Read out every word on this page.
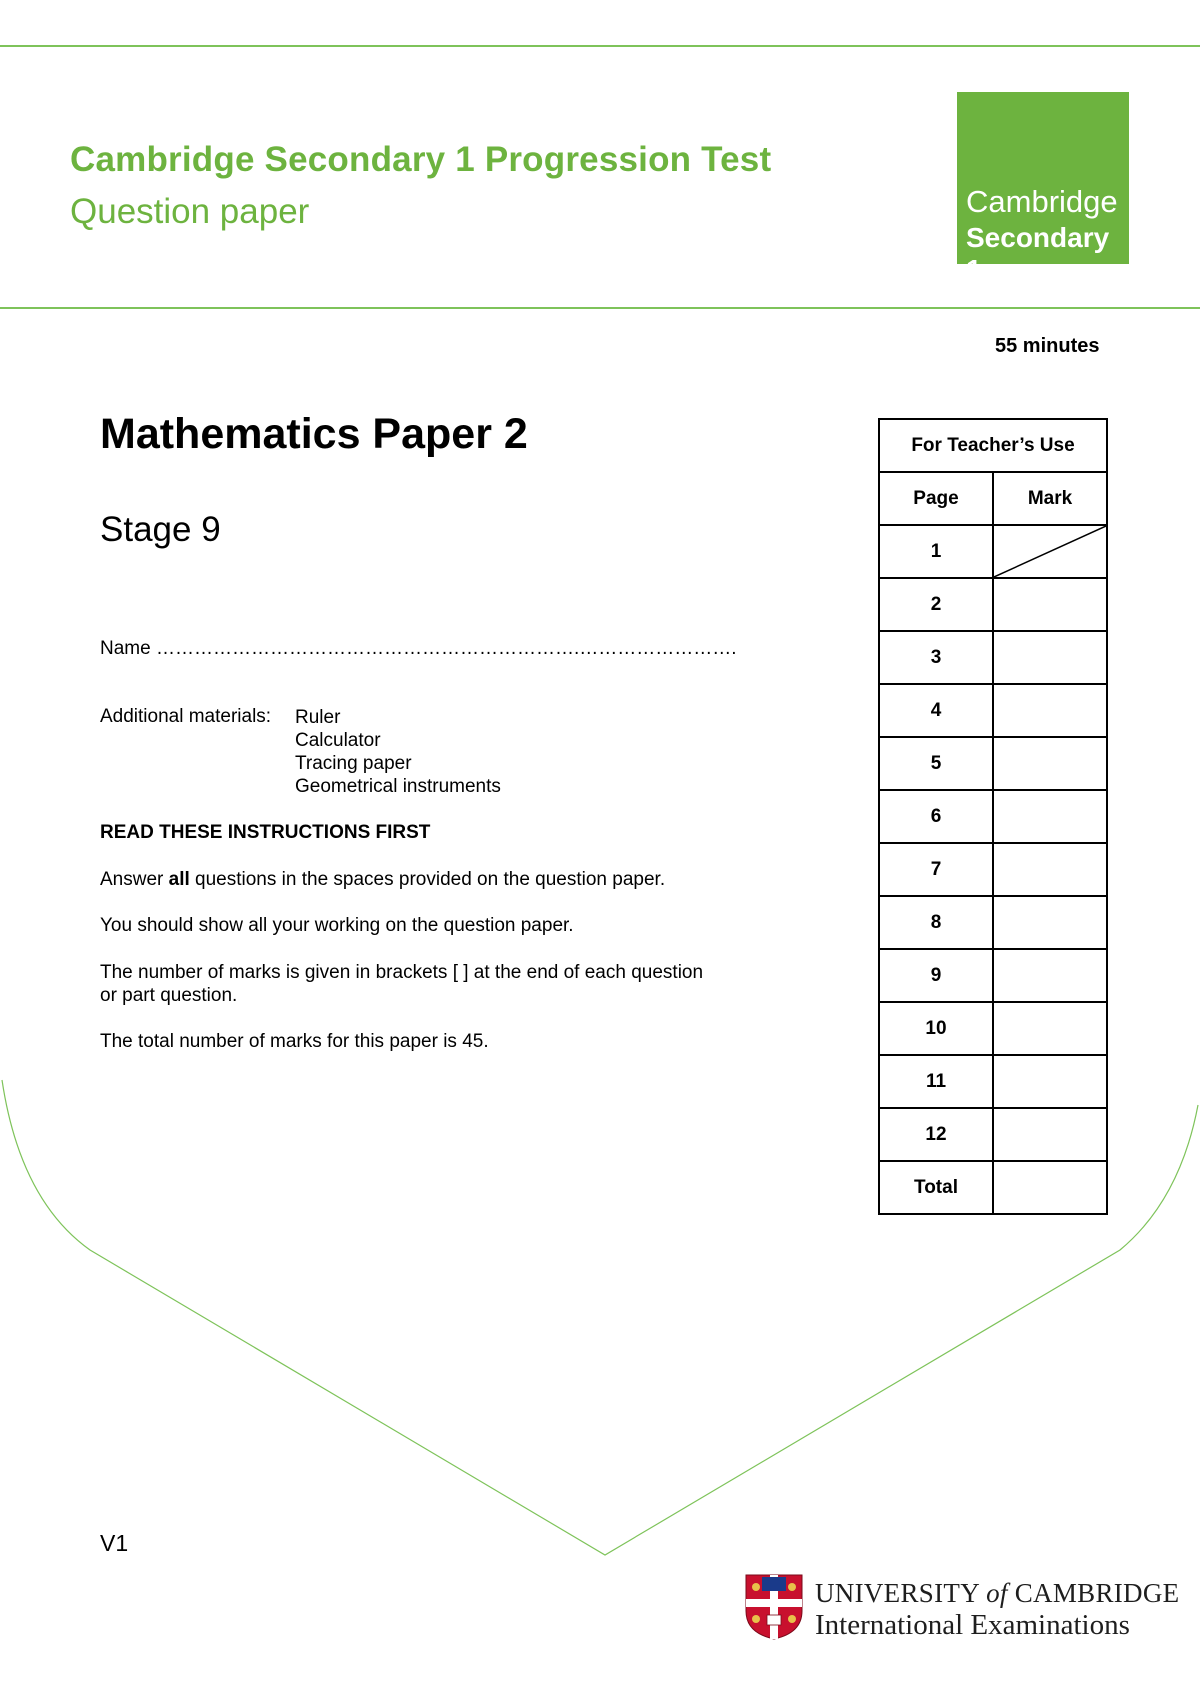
Cambridge Secondary 1 Progression Test
Question paper	Cambridge
Secondary 1
55 minutes
Mathematics Paper 2
Stage 9
Name ………………………………………………………….…………………….
Additional materials: Ruler
Calculator
Tracing paper
Geometrical instruments
READ THESE INSTRUCTIONS FIRST
Answer all questions in the spaces provided on the question paper.
You should show all your working on the question paper.
The number of marks is given in brackets [ ] at the end of each question
or part question.
The total number of marks for this paper is 45.
For Teacher’s Use	
Page	Mark
1	

2	
3	
4	
5	
6	
7	
8	
9	
10	
11	
12	
Total	
V1
UNIVERSITY of CAMBRIDGE
International Examinations
